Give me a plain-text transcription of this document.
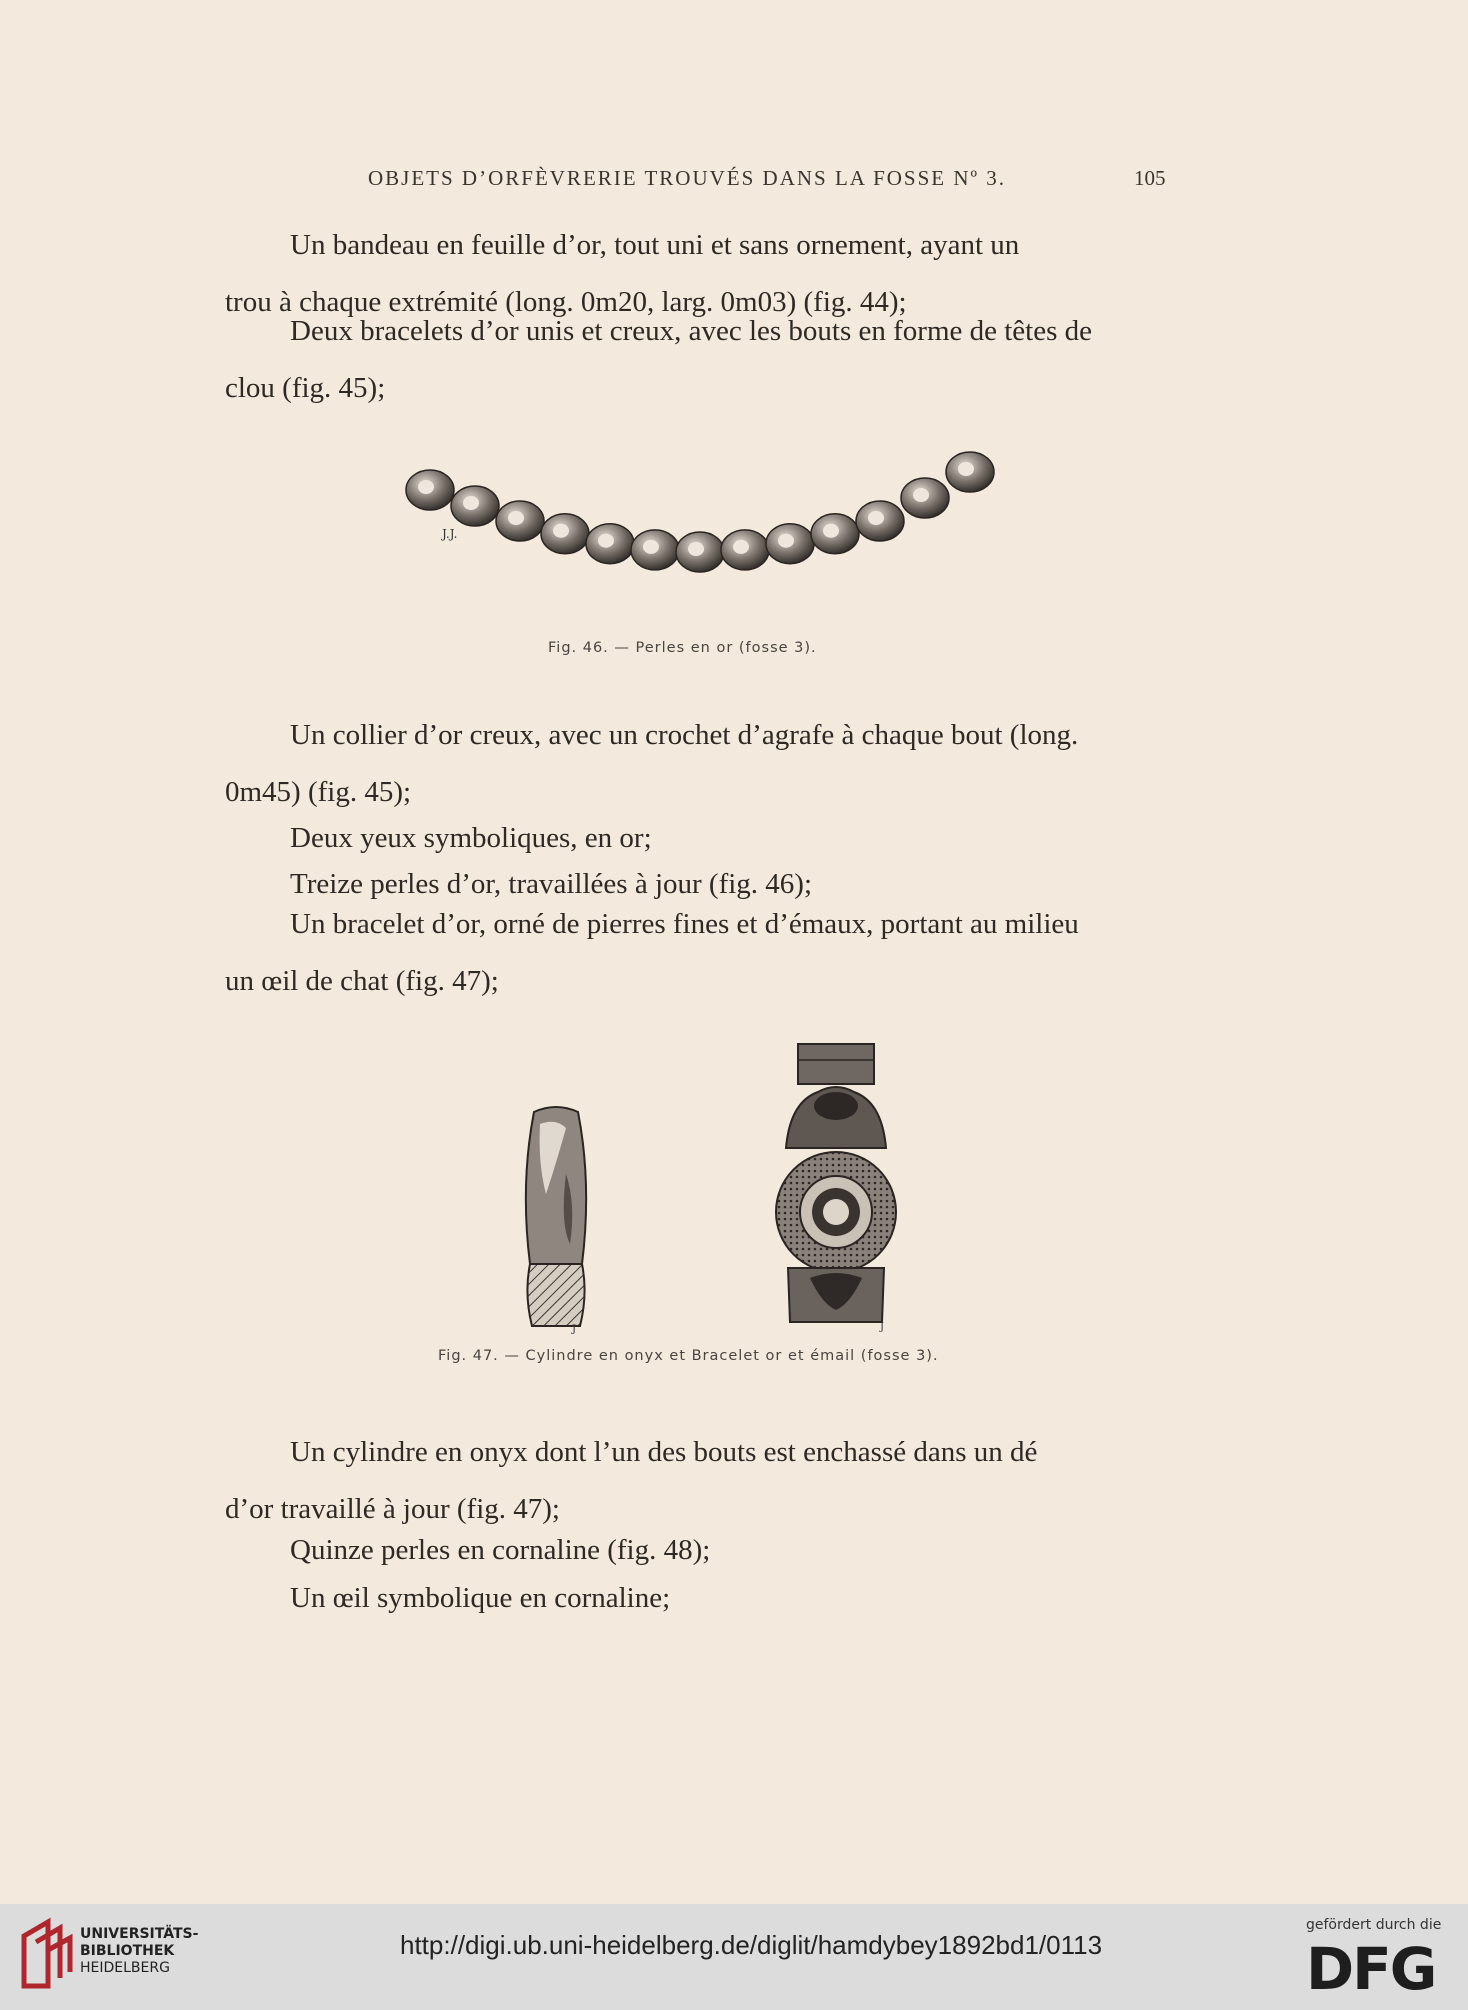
OBJETS D’ORFÈVRERIE TROUVÉS DANS LA FOSSE Nº 3.	105

Un bandeau en feuille d’or, tout uni et sans ornement, ayant un
trou à chaque extrémité (long. 0m20, larg. 0m03) (fig. 44);

Deux bracelets d’or unis et creux, avec les bouts en forme de têtes de
clou (fig. 45);

J.J.
Fig. 46. — Perles en or (fosse 3).

Un collier d’or creux, avec un crochet d’agrafe à chaque bout (long.
0m45) (fig. 45);

Deux yeux symboliques, en or;

Treize perles d’or, travaillées à jour (fig. 46);

Un bracelet d’or, orné de pierres fines et d’émaux, portant au milieu
un œil de chat (fig. 47);

J	J
Fig. 47. — Cylindre en onyx et Bracelet or et émail (fosse 3).

Un cylindre en onyx dont l’un des bouts est enchassé dans un dé
d’or travaillé à jour (fig. 47);

Quinze perles en cornaline (fig. 48);

Un œil symbolique en cornaline;

UNIVERSITÄTS-
BIBLIOTHEK
HEIDELBERG
http://digi.ub.uni-heidelberg.de/diglit/hamdybey1892bd1/0113
gefördert durch die
DFG
